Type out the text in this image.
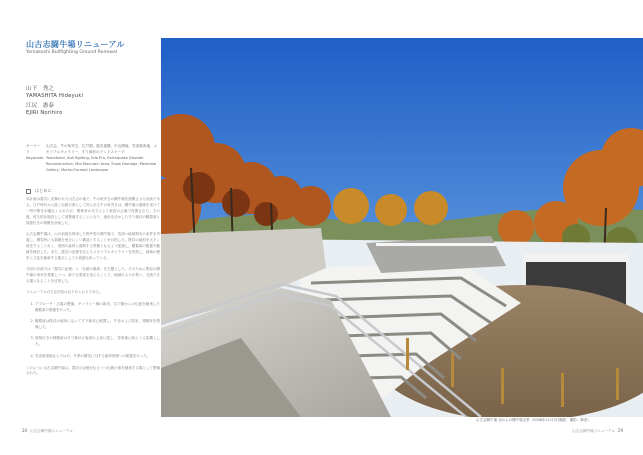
山古志闘牛場リニューアル
Yamakoshi Bullfighting Ground Renewal
山下　秀之
YAMASHITA Hideyuki
江尻　憲泰
EJIRI Norihiro
キーワード：
山古志，牛の角突き，江戸期，震災復興，中山間地，雪害被害地，メモリアルギャラリー，すり鉢状のランドスケープ
Keywords： Yamakoshi, Bull fighting, Edo Era, Earthquake Disaster Reconstruction, Mid-Mountain Area, Snow Damage, Memorial Gallery, Mortar-Formed Landscape
はじめに

本計画は震災に見舞われた山古志の地で，牛の角突きの闘牛場を復興させる計画である。江戸時代から続く伝統行事として知られる牛の角突きは，闘牛場の損壊を受けて一時中断を余儀なくされたが，関係者の尽力により仮設の会場で再開された。その後，恒久的な施設として再整備することとなり，地形を活かしたすり鉢状の観覧席と屋根付きの桟敷を計画した。

山古志闘牛場は，山の斜面を利用した野外型の闘牛場で，雪深い地域特有の条件を考慮し，積雪時にも損傷を受けにくい構造とすることを目指した。既存の地形を大きく改変することなく，周囲の森林と調和する景観となるよう配慮し，観覧席の配置や動線を検討した。また，震災の記憶を伝えるメモリアルギャラリーを併設し，地域の歴史と文化を継承する拠点としての役割も担っている。

今回の計画では「震災の記憶」と「伝統の継承」を主題とした。そのために既存の闘牛場の形状を尊重しつつ，新たな要素を加えることで，地域の人々が集い，交流できる場となることを目指した。

リニューアルの主な内容は以下のとおりである。

1. アプローチ・広場の整備，ギャラリー棟の新設，江戸期からの伝統を継承した観覧席の整備を行った。
2. 観覧席は既存の地形に沿ってすり鉢状に配置し，牛舎および控室，桟敷席を整備した。
3. 屋根付きの桟敷席はすり鉢状の客席の上部に配し，雪荷重に耐えうる架構とした。
4. 雪害被害地ならではの，冬季の積雪に対する維持管理への配慮を行った。

このように山古志闘牛場は，震災の記憶を伝えつつ伝統行事を継承する場として整備された。

山古志闘牛場 北からの闘牛場全景（2008年11月3日撮影，撮影：筆者）
20 山古志闘牛場リニューアル	山古志闘牛場リニューアル 29
